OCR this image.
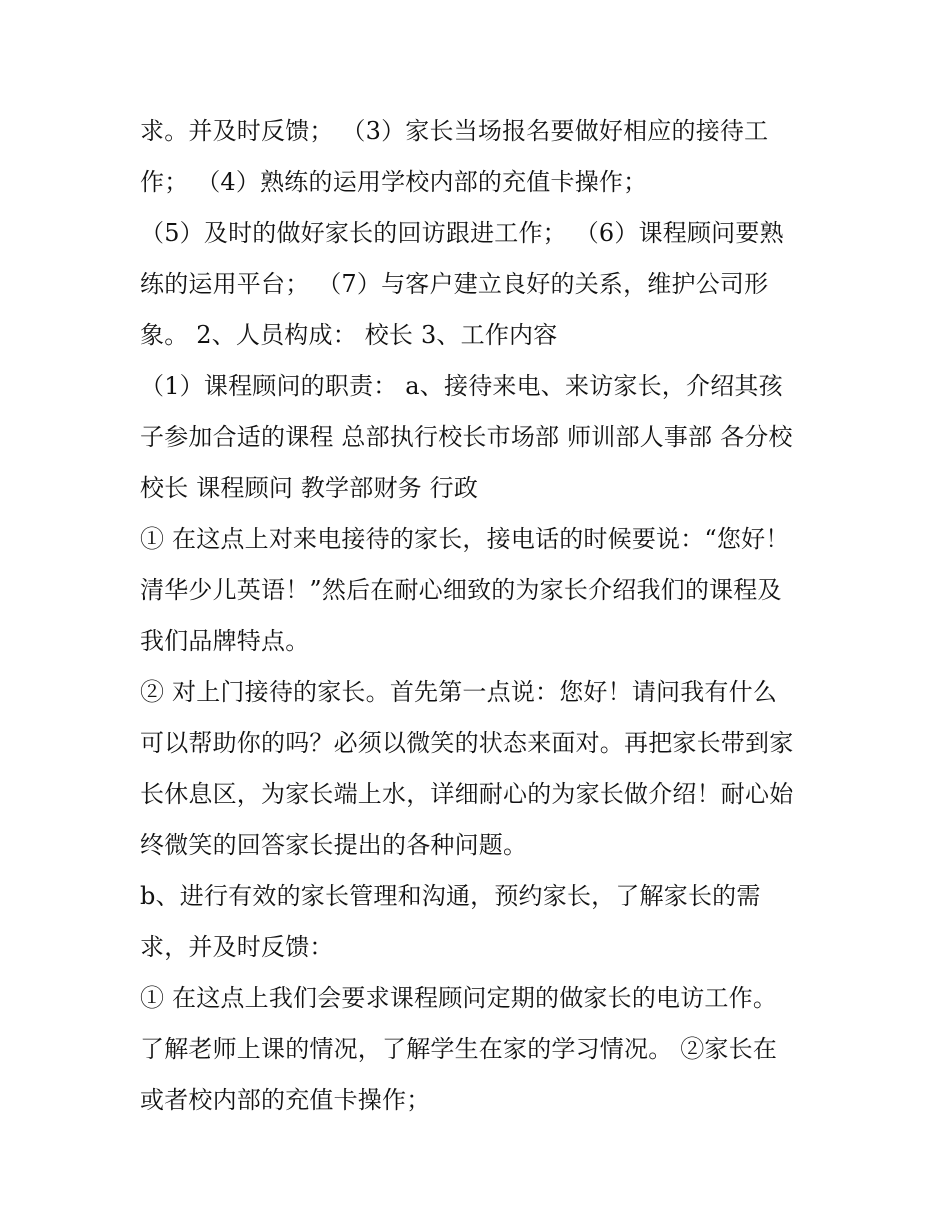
求。并及时反馈； （3）家长当场报名要做好相应的接待工
作； （4）熟练的运用学校内部的充值卡操作；
（5）及时的做好家长的回访跟进工作； （6）课程顾问要熟
练的运用平台； （7）与客户建立良好的关系，维护公司形
象。 2、人员构成： 校长 3、工作内容
（1）课程顾问的职责： a、接待来电、来访家长，介绍其孩
子参加合适的课程 总部执行校长市场部 师训部人事部 各分校
校长 课程顾问 教学部财务 行政
① 在这点上对来电接待的家长，接电话的时候要说：“您好！
清华少儿英语！”然后在耐心细致的为家长介绍我们的课程及
我们品牌特点。
② 对上门接待的家长。首先第一点说：您好！请问我有什么
可以帮助你的吗？必须以微笑的状态来面对。再把家长带到家
长休息区，为家长端上水，详细耐心的为家长做介绍！耐心始
终微笑的回答家长提出的各种问题。
b、进行有效的家长管理和沟通，预约家长，了解家长的需
求，并及时反馈：
① 在这点上我们会要求课程顾问定期的做家长的电访工作。
了解老师上课的情况，了解学生在家的学习情况。 ②家长在
或者校内部的充值卡操作；
